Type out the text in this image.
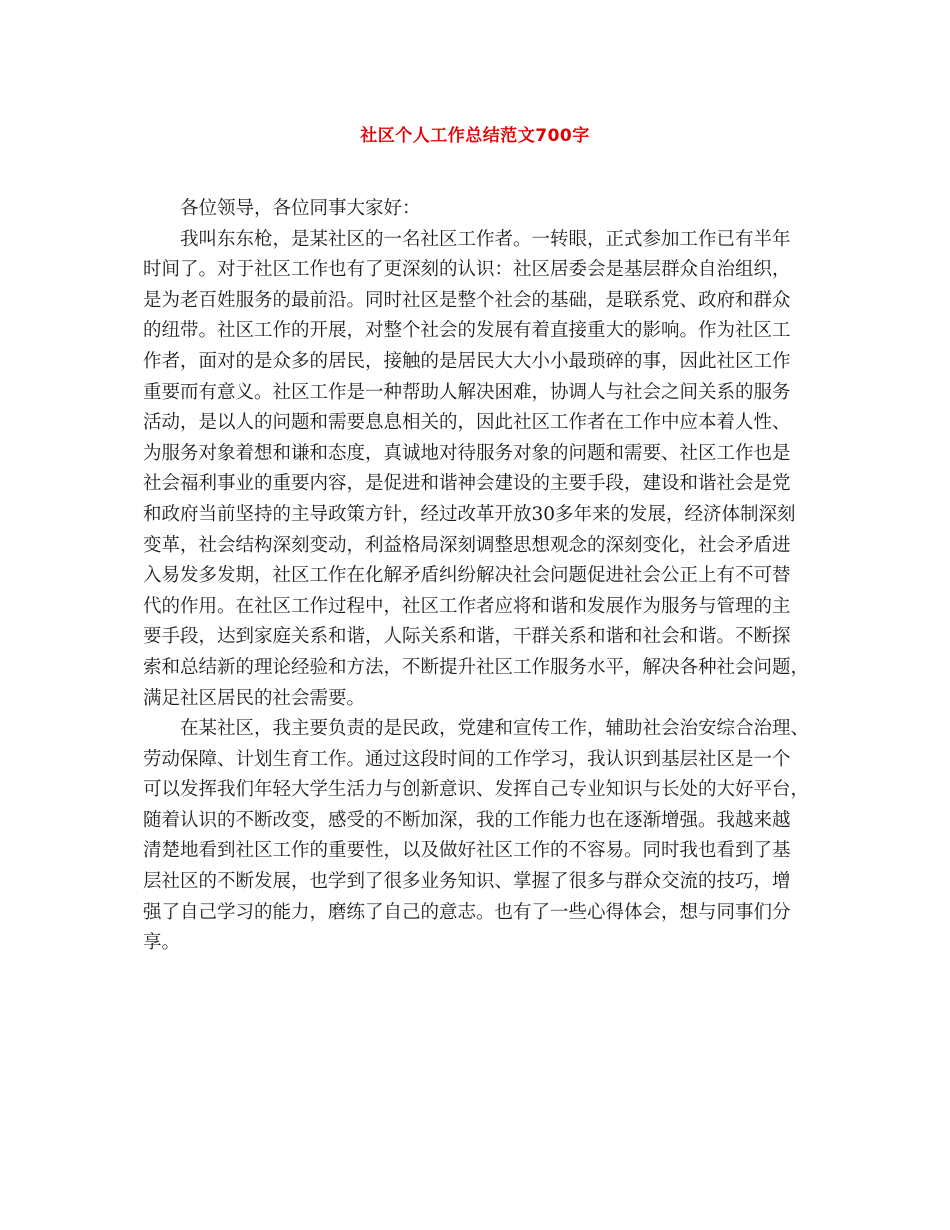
社区个人工作总结范文700字

各位领导，各位同事大家好：

我叫东东枪，是某社区的一名社区工作者。一转眼，正式参加工作已有半年
时间了。对于社区工作也有了更深刻的认识：社区居委会是基层群众自治组织，
是为老百姓服务的最前沿。同时社区是整个社会的基础，是联系党、政府和群众
的纽带。社区工作的开展，对整个社会的发展有着直接重大的影响。作为社区工
作者，面对的是众多的居民，接触的是居民大大小小最琐碎的事，因此社区工作
重要而有意义。社区工作是一种帮助人解决困难，协调人与社会之间关系的服务
活动，是以人的问题和需要息息相关的，因此社区工作者在工作中应本着人性、
为服务对象着想和谦和态度，真诚地对待服务对象的问题和需要、社区工作也是
社会福利事业的重要内容，是促进和谐神会建设的主要手段，建设和谐社会是党
和政府当前坚持的主导政策方针，经过改革开放30多年来的发展，经济体制深刻
变革，社会结构深刻变动，利益格局深刻调整思想观念的深刻变化，社会矛盾进
入易发多发期，社区工作在化解矛盾纠纷解决社会问题促进社会公正上有不可替
代的作用。在社区工作过程中，社区工作者应将和谐和发展作为服务与管理的主
要手段，达到家庭关系和谐，人际关系和谐，干群关系和谐和社会和谐。不断探
索和总结新的理论经验和方法，不断提升社区工作服务水平，解决各种社会问题，
满足社区居民的社会需要。

在某社区，我主要负责的是民政，党建和宣传工作，辅助社会治安综合治理、
劳动保障、计划生育工作。通过这段时间的工作学习，我认识到基层社区是一个
可以发挥我们年轻大学生活力与创新意识、发挥自己专业知识与长处的大好平台，
随着认识的不断改变，感受的不断加深，我的工作能力也在逐渐增强。我越来越
清楚地看到社区工作的重要性，以及做好社区工作的不容易。同时我也看到了基
层社区的不断发展，也学到了很多业务知识、掌握了很多与群众交流的技巧，增
强了自己学习的能力，磨练了自己的意志。也有了一些心得体会，想与同事们分
享。
